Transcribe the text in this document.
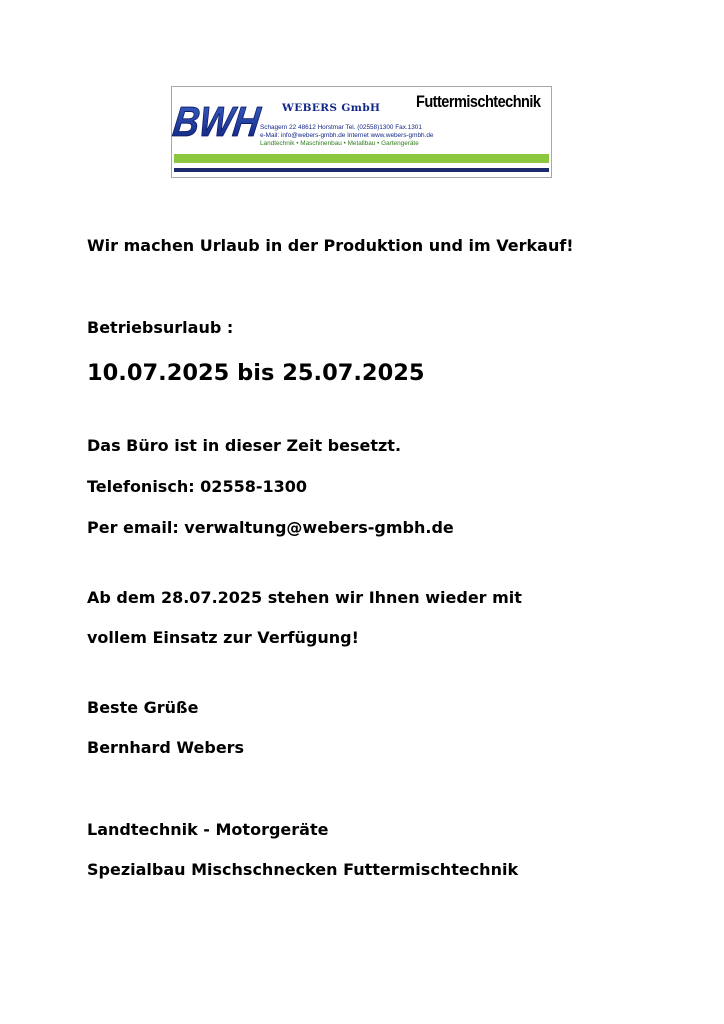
BWH WEBERS GmbH Futtermischtechnik
Schagern 22 48612 Horstmar Tel. (02558)1300 Fax.1301
e-Mail: info@webers-gmbh.de Internet www.webers-gmbh.de
Landtechnik • Maschinenbau • Metallbau • Gartengeräte

Wir machen Urlaub in der Produktion und im Verkauf!

Betriebsurlaub :

10.07.2025 bis 25.07.2025

Das Büro ist in dieser Zeit besetzt.

Telefonisch: 02558-1300

Per email: verwaltung@webers-gmbh.de

Ab dem 28.07.2025 stehen wir Ihnen wieder mit

vollem Einsatz zur Verfügung!

Beste Grüße

Bernhard Webers

Landtechnik - Motorgeräte

Spezialbau Mischschnecken Futtermischtechnik
